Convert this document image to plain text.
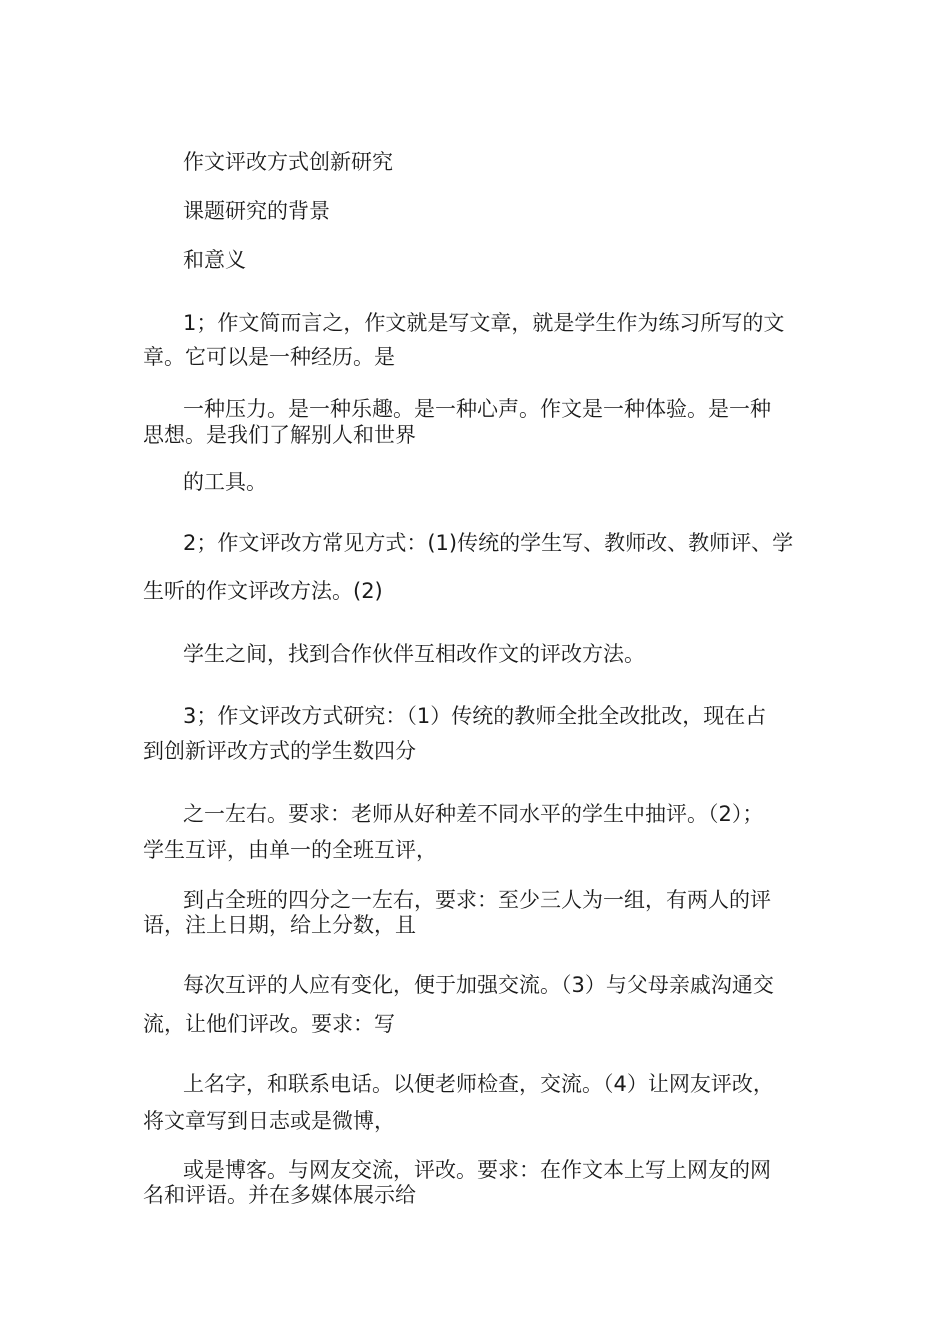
作文评改方式创新研究
课题研究的背景
和意义
1；作文简而言之，作文就是写文章，就是学生作为练习所写的文
章。它可以是一种经历。是
一种压力。是一种乐趣。是一种心声。作文是一种体验。是一种
思想。是我们了解别人和世界
的工具。
2；作文评改方常见方式：(1)传统的学生写、教师改、教师评、学
生听的作文评改方法。(2)
学生之间，找到合作伙伴互相改作文的评改方法。
3；作文评改方式研究：（1）传统的教师全批全改批改，现在占
到创新评改方式的学生数四分
之一左右。要求：老师从好种差不同水平的学生中抽评。（2）；
学生互评，由单一的全班互评，
到占全班的四分之一左右，要求：至少三人为一组，有两人的评
语，注上日期，给上分数，且
每次互评的人应有变化，便于加强交流。（3）与父母亲戚沟通交
流，让他们评改。要求：写
上名字，和联系电话。以便老师检查，交流。（4）让网友评改，
将文章写到日志或是微博，
或是博客。与网友交流，评改。要求：在作文本上写上网友的网
名和评语。并在多媒体展示给
